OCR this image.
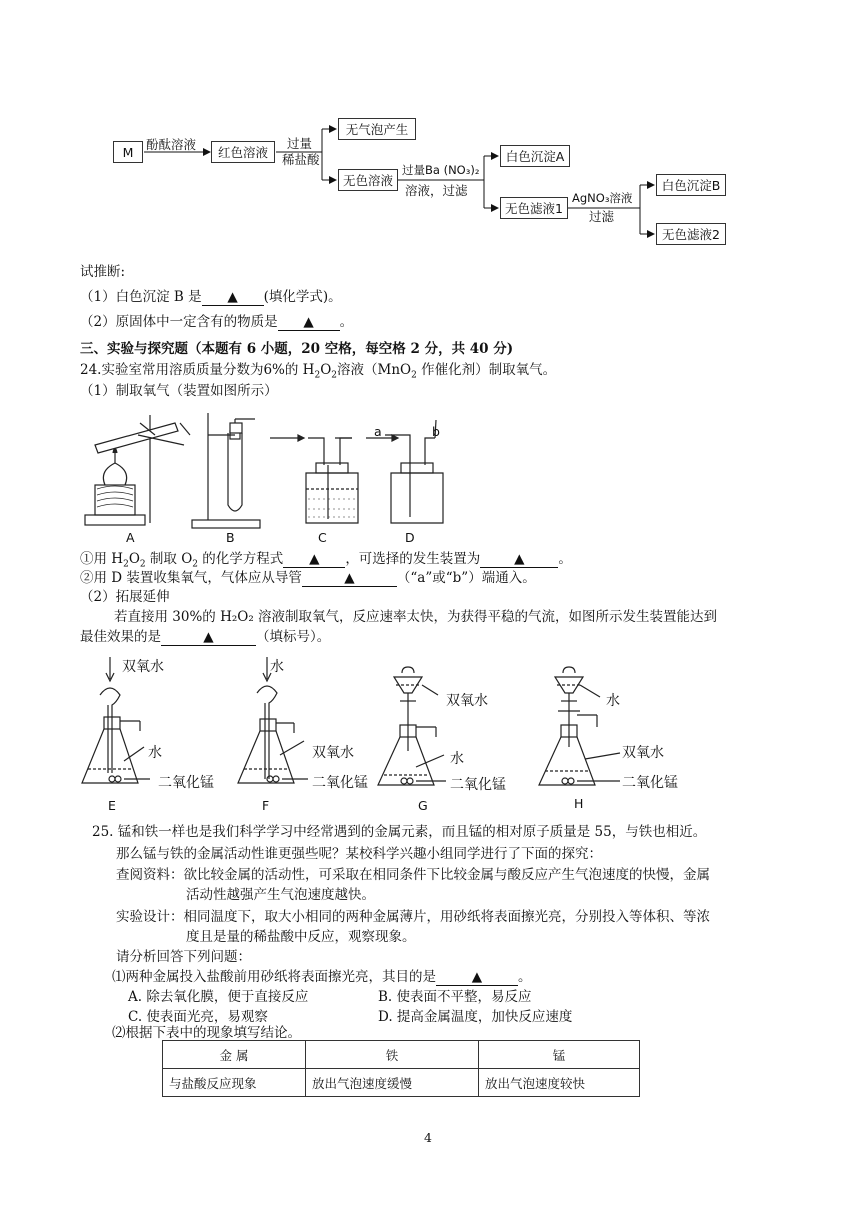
M
酚酞溶液
红色溶液
过量
稀盐酸
无气泡产生
无色溶液
过量Ba (NO₃)₂
溶液，过滤
白色沉淀A
无色滤液1
AgNO₃溶液
过滤
白色沉淀B
无色滤液2
试推断:
（1）白色沉淀 B 是 ▲ (填化学式)。
（2）原固体中一定含有的物质是 ▲ 。
三、实验与探究题（本题有 6 小题，20 空格，每空格 2 分，共 40 分)
24.实验室常用溶质质量分数为6%的 $H_2O_2$溶液（MnO$_2$ 作催化剂）制取氧气。
（1）制取氧气（装置如图所示）
a	b
A	B	C	D
①用 $H_2O_2$ 制取 $O_2$ 的化学方程式 ▲ ，可选择的发生装置为	▲	。
②用 D 装置收集氧气，气体应从导管	▲	（“a”或“b”）端通入。
（2）拓展延伸
若直接用 30%的 H₂O₂ 溶液制取氧气，反应速率太快，为获得平稳的气流，如图所示发生装置能达到
最佳效果的是	▲	（填标号）。
双氧水
水
二氧化锰
水
双氧水
二氧化锰
双氧水
水
二氧化锰
水
双氧水
二氧化锰
E	F	G	H
25. 锰和铁一样也是我们科学学习中经常遇到的金属元素，而且锰的相对原子质量是 55，与铁也相近。
那么锰与铁的金属活动性谁更强些呢？某校科学兴趣小组同学进行了下面的探究：
查阅资料：欲比较金属的活动性，可采取在相同条件下比较金属与酸反应产生气泡速度的快慢，金属
活动性越强产生气泡速度越快。
实验设计：相同温度下，取大小相同的两种金属薄片，用砂纸将表面擦光亮，分别投入等体积、等浓
度且是量的稀盐酸中反应，观察现象。
请分析回答下列问题：
⑴两种金属投入盐酸前用砂纸将表面擦光亮，其目的是	▲	。
A. 除去氧化膜，便于直接反应	B. 使表面不平整，易反应
C. 使表面光亮，易观察	D. 提高金属温度，加快反应速度
⑵根据下表中的现象填写结论。
金 属	铁	锰
与盐酸反应现象	放出气泡速度缓慢	放出气泡速度较快
4
